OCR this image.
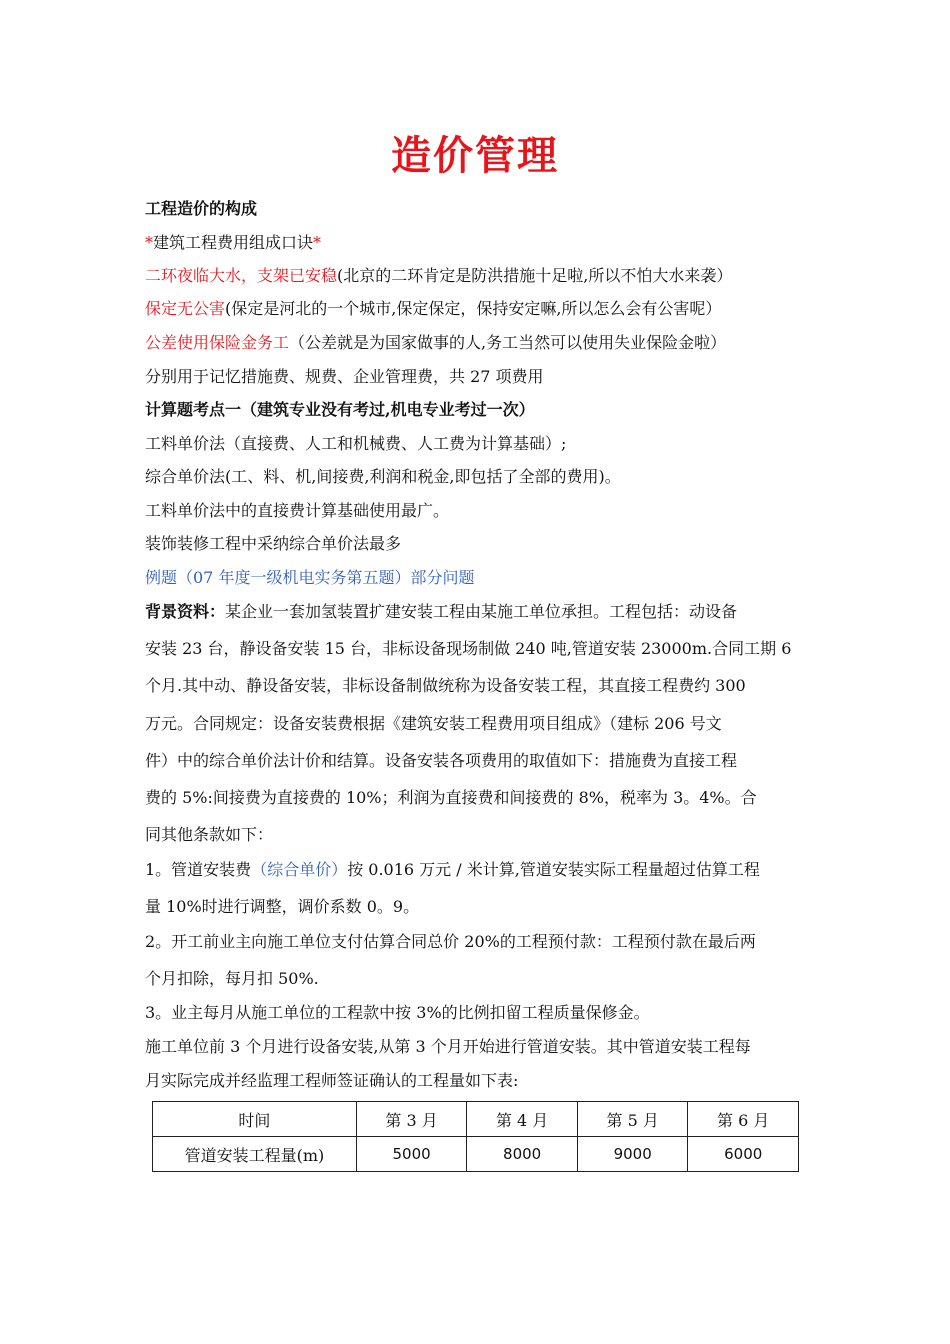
造价管理
工程造价的构成
*建筑工程费用组成口诀*
二环夜临大水，支架已安稳(北京的二环肯定是防洪措施十足啦,所以不怕大水来袭）
保定无公害(保定是河北的一个城市,保定保定，保持安定嘛,所以怎么会有公害呢）
公差使用保险金务工（公差就是为国家做事的人,务工当然可以使用失业保险金啦）
分别用于记忆措施费、规费、企业管理费，共 27 项费用
计算题考点一（建筑专业没有考过,机电专业考过一次）
工料单价法（直接费、人工和机械费、人工费为计算基础）;
综合单价法(工、料、机,间接费,利润和税金,即包括了全部的费用)。
工料单价法中的直接费计算基础使用最广。
装饰装修工程中采纳综合单价法最多
例题（07 年度一级机电实务第五题）部分问题
背景资料：某企业一套加氢装置扩建安装工程由某施工单位承担。工程包括：动设备
安装 23 台，静设备安装 15 台，非标设备现场制做 240 吨,管道安装 23000m.合同工期 6
个月.其中动、静设备安装，非标设备制做统称为设备安装工程，其直接工程费约 300
万元。合同规定：设备安装费根据《建筑安装工程费用项目组成》（建标 206 号文
件）中的综合单价法计价和结算。设备安装各项费用的取值如下：措施费为直接工程
费的 5%:间接费为直接费的 10%；利润为直接费和间接费的 8%，税率为 3。4%。合
同其他条款如下：
1。管道安装费（综合单价）按 0.016 万元 / 米计算,管道安装实际工程量超过估算工程
量 10%时进行调整，调价系数 0。9。
2。开工前业主向施工单位支付估算合同总价 20%的工程预付款：工程预付款在最后两
个月扣除，每月扣 50%.
3。业主每月从施工单位的工程款中按 3%的比例扣留工程质量保修金。
施工单位前 3 个月进行设备安装,从第 3 个月开始进行管道安装。其中管道安装工程每
月实际完成并经监理工程师签证确认的工程量如下表:
时间	第 3 月	第 4 月	第 5 月	第 6 月
管道安装工程量(m)	5000	8000	9000	6000
